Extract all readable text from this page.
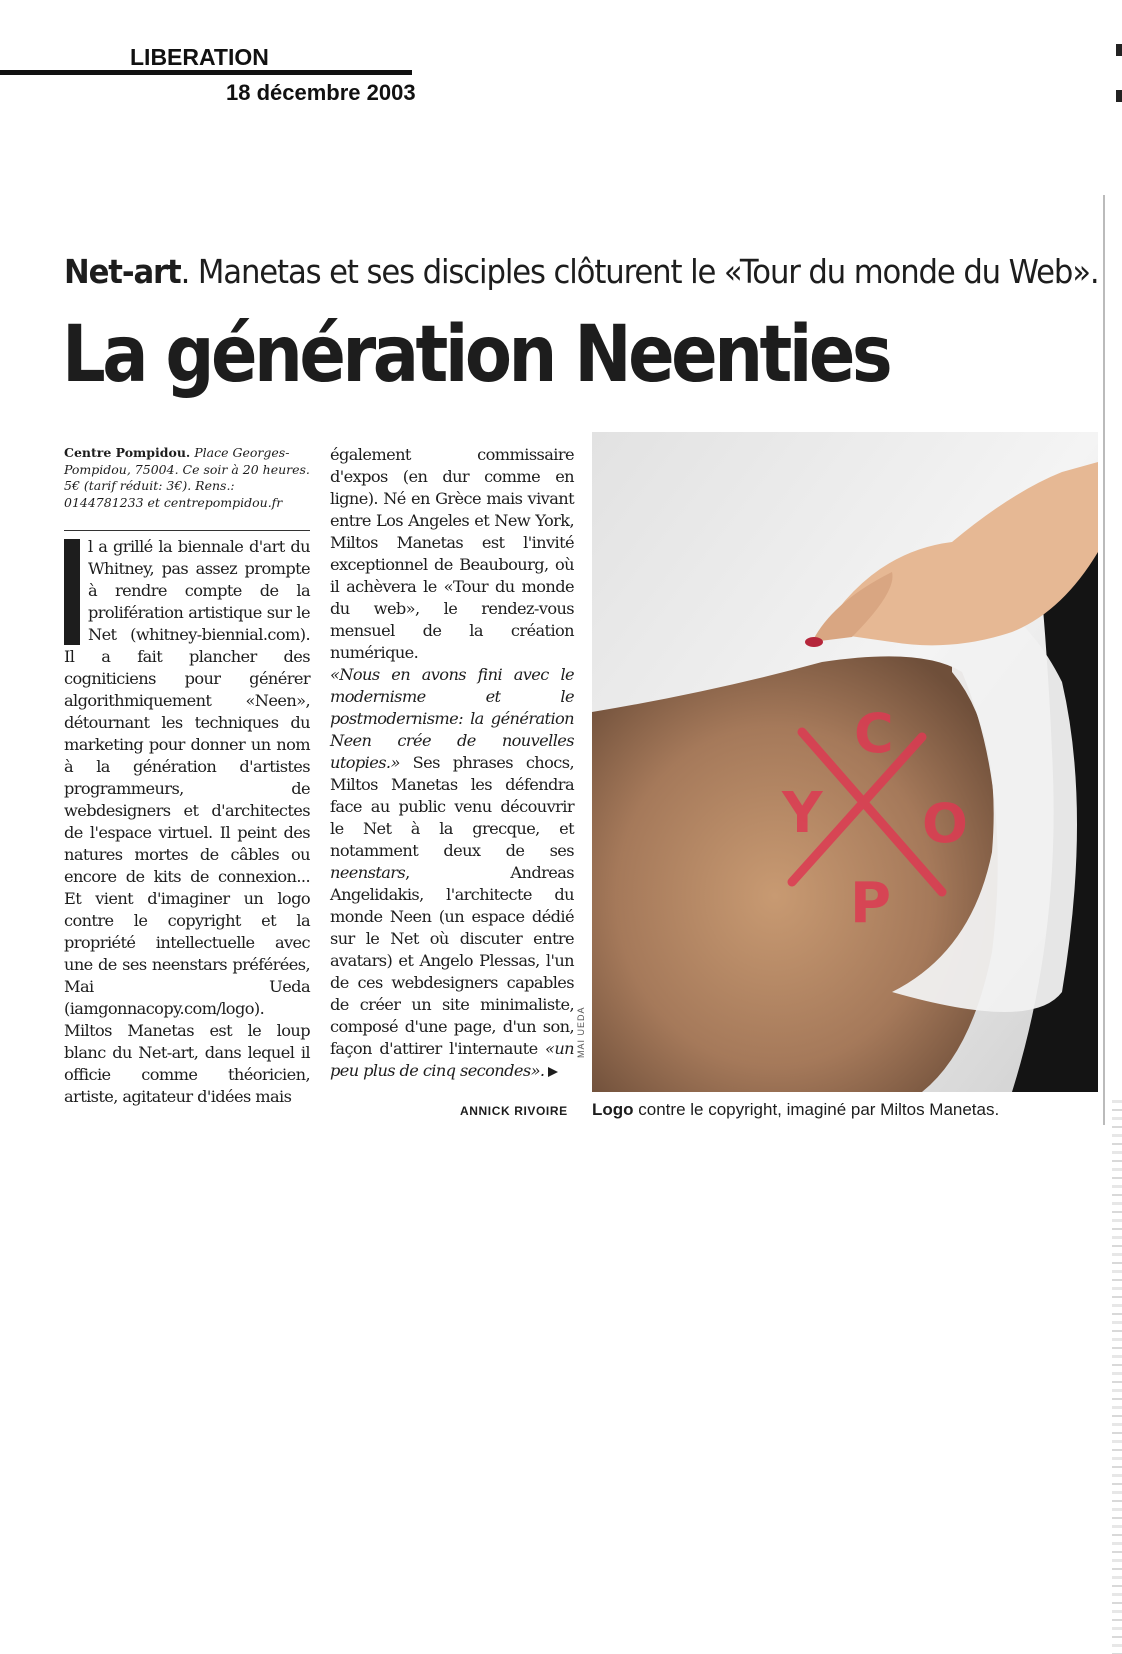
LIBERATION
18 décembre 2003
Net-art. Manetas et ses disciples clôturent le «Tour du monde du Web».
La génération Neenties
Centre Pompidou. Place Georges-Pompidou, 75004. Ce soir à 20 heures. 5€ (tarif réduit: 3€). Rens.: 0144781233 et centrepompidou.fr

l a grillé la biennale d'art du Whitney, pas assez prompte à rendre compte de la prolifération artistique sur le Net (whitney-biennial.com). Il a fait plancher des cogniticiens pour générer algorithmiquement «Neen», détournant les techniques du marketing pour donner un nom à la génération d'artistes programmeurs, de webdesigners et d'architectes de l'espace virtuel. Il peint des natures mortes de câbles ou encore de kits de connexion... Et vient d'imaginer un logo contre le copyright et la propriété intellectuelle avec une de ses neenstars préférées, Mai Ueda (iamgonnacopy.com/logo).

Miltos Manetas est le loup blanc du Net-art, dans lequel il officie comme théoricien, artiste, agitateur d'idées mais

également commissaire d'expos (en dur comme en ligne). Né en Grèce mais vivant entre Los Angeles et New York, Miltos Manetas est l'invité exceptionnel de Beaubourg, où il achèvera le «Tour du monde du web», le rendez-vous mensuel de la création numérique.

«Nous en avons fini avec le modernisme et le postmodernisme: la génération Neen crée de nouvelles utopies.» Ses phrases chocs, Miltos Manetas les défendra face au public venu découvrir le Net à la grecque, et notamment deux de ses neenstars, Andreas Angelidakis, l'architecte du monde Neen (un espace dédié sur le Net où discuter entre avatars) et Angelo Plessas, l'un de ces webdesigners capables de créer un site minimaliste, composé d'une page, d'un son, façon d'attirer l'internaute «un peu plus de cinq secondes».

ANNICK RIVOIRE
C
Y O
P
MAI UEDA
Logo contre le copyright, imaginé par Miltos Manetas.
